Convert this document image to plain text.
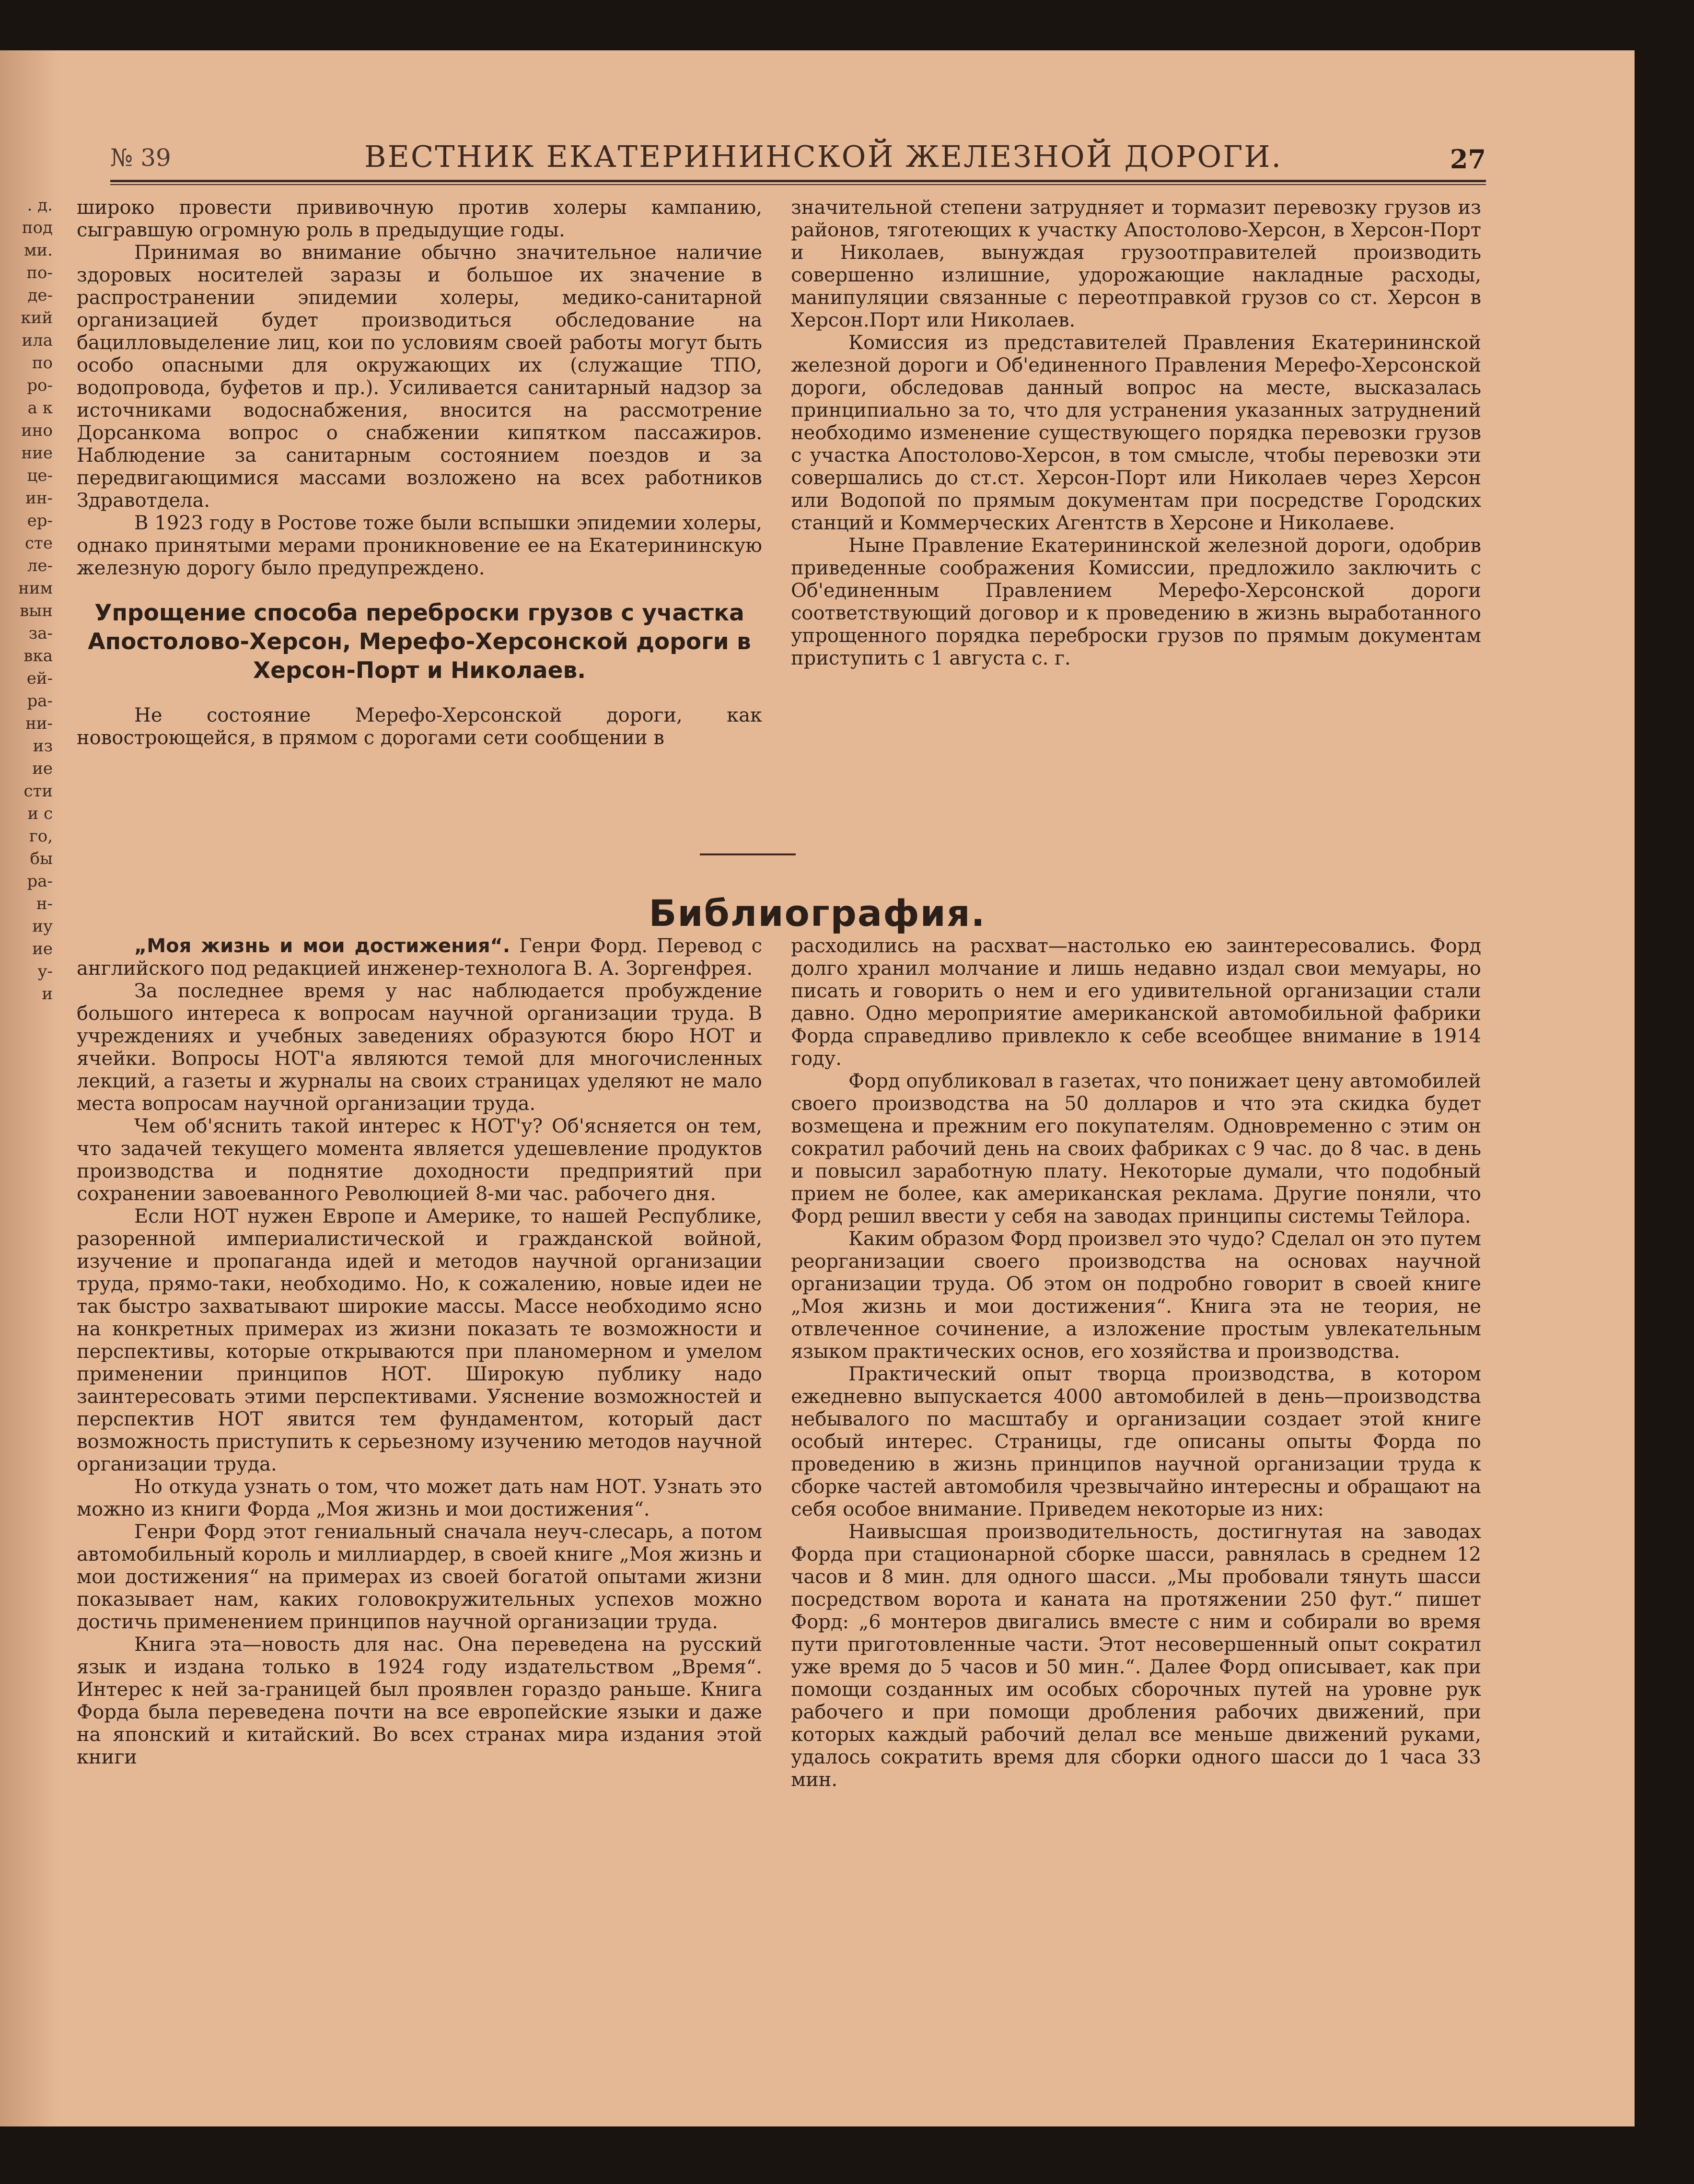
. д.
под
ми.
по-
де-
кий
ила
по
ро-
а к
ино
ние
це-
ин-
ер-
сте
ле-
ним
вын
за-
вка
ей-
ра-
ни-
из
ие
сти
и с
го,
бы
ра-
н-
иу
ие
у-
и
№ 39	ВЕСТНИК ЕКАТЕРИНИНСКОЙ ЖЕЛЕЗНОЙ ДОРОГИ.	27

широко провести прививочную против холеры кампанию, сыгравшую огромную роль в предыдущие годы.

Принимая во внимание обычно значительное наличие здоровых носителей заразы и большое их значение в распространении эпидемии холеры, медико-санитарной организацией будет производиться обследование на бацилловыделение лиц, кои по условиям своей работы могут быть особо опасными для окружающих их (служащие ТПО, водопровода, буфетов и пр.). Усиливается санитарный надзор за источниками водоснабжения, вносится на рассмотрение Дорсанкома вопрос о снабжении кипятком пассажиров. Наблюдение за санитарным состоянием поездов и за передвигающимися массами возложено на всех работников Здравотдела.

В 1923 году в Ростове тоже были вспышки эпидемии холеры, однако принятыми мерами проникновение ее на Екатерининскую железную дорогу было предупреждено.

Упрощение способа переброски грузов с участка Апостолово-Херсон, Мерефо-Херсонской дороги в Херсон-Порт и Николаев.

Не состояние Мерефо-Херсонской дороги, как новостроющейся, в прямом с дорогами сети сообщении в

значительной степени затрудняет и тормазит перевозку грузов из районов, тяготеющих к участку Апостолово-Херсон, в Херсон-Порт и Николаев, вынуждая грузоотправителей производить совершенно излишние, удорожающие накладные расходы, манипуляции связанные с переотправкой грузов со ст. Херсон в Херсон.Порт или Николаев.

Комиссия из представителей Правления Екатерининской железной дороги и Об'единенного Правления Мерефо-Херсонской дороги, обследовав данный вопрос на месте, высказалась принципиально за то, что для устранения указанных затруднений необходимо изменение существующего порядка перевозки грузов с участка Апостолово-Херсон, в том смысле, чтобы перевозки эти совершались до ст.ст. Херсон-Порт или Николаев через Херсон или Водопой по прямым документам при посредстве Городских станций и Коммерческих Агентств в Херсоне и Николаеве.

Ныне Правление Екатерининской железной дороги, одобрив приведенные соображения Комиссии, предложило заключить с Об'единенным Правлением Мерефо-Херсонской дороги соответствующий договор и к проведению в жизнь выработанного упрощенного порядка переброски грузов по прямым документам приступить с 1 августа с. г.

Библиография.

„Моя жизнь и мои достижения“. Генри Форд. Перевод с английского под редакцией инженер-технолога В. А. Зоргенфрея.

За последнее время у нас наблюдается пробуждение большого интереса к вопросам научной организации труда. В учреждениях и учебных заведениях образуются бюро НОТ и ячейки. Вопросы НОТ'а являются темой для многочисленных лекций, а газеты и журналы на своих страницах уделяют не мало места вопросам научной организации труда.

Чем об'яснить такой интерес к НОТ'у? Об'ясняется он тем, что задачей текущего момента является удешевление продуктов производства и поднятие доходности предприятий при сохранении завоеванного Революцией 8-ми час. рабочего дня.

Если НОТ нужен Европе и Америке, то нашей Республике, разоренной империалистической и гражданской войной, изучение и пропаганда идей и методов научной организации труда, прямо-таки, необходимо. Но, к сожалению, новые идеи не так быстро захватывают широкие массы. Массе необходимо ясно на конкретных примерах из жизни показать те возможности и перспективы, которые открываются при планомерном и умелом применении принципов НОТ. Широкую публику надо заинтересовать этими перспективами. Уяснение возможностей и перспектив НОТ явится тем фундаментом, который даст возможность приступить к серьезному изучению методов научной организации труда.

Но откуда узнать о том, что может дать нам НОТ. Узнать это можно из книги Форда „Моя жизнь и мои достижения“.

Генри Форд этот гениальный сначала неуч-слесарь, а потом автомобильный король и миллиардер, в своей книге „Моя жизнь и мои достижения“ на примерах из своей богатой опытами жизни показывает нам, каких головокружительных успехов можно достичь применением принципов научной организации труда.

Книга эта—новость для нас. Она переведена на русский язык и издана только в 1924 году издательством „Время“. Интерес к ней за-границей был проявлен гораздо раньше. Книга Форда была переведена почти на все европейские языки и даже на японский и китайский. Во всех странах мира издания этой книги

расходились на расхват—настолько ею заинтересовались. Форд долго хранил молчание и лишь недавно издал свои мемуары, но писать и говорить о нем и его удивительной организации стали давно. Одно мероприятие американской автомобильной фабрики Форда справедливо привлекло к себе всеобщее внимание в 1914 году.

Форд опубликовал в газетах, что понижает цену автомобилей своего производства на 50 долларов и что эта скидка будет возмещена и прежним его покупателям. Одновременно с этим он сократил рабочий день на своих фабриках с 9 час. до 8 час. в день и повысил заработную плату. Некоторые думали, что подобный прием не более, как американская реклама. Другие поняли, что Форд решил ввести у себя на заводах принципы системы Тейлора.

Каким образом Форд произвел это чудо? Сделал он это путем реорганизации своего производства на основах научной организации труда. Об этом он подробно говорит в своей книге „Моя жизнь и мои достижения“. Книга эта не теория, не отвлеченное сочинение, а изложение простым увлекательным языком практических основ, его хозяйства и производства.

Практический опыт творца производства, в котором ежедневно выпускается 4000 автомобилей в день—производства небывалого по масштабу и организации создает этой книге особый интерес. Страницы, где описаны опыты Форда по проведению в жизнь принципов научной организации труда к сборке частей автомобиля чрезвычайно интересны и обращают на себя особое внимание. Приведем некоторые из них:

Наивысшая производительность, достигнутая на заводах Форда при стационарной сборке шасси, равнялась в среднем 12 часов и 8 мин. для одного шасси. „Мы пробовали тянуть шасси посредством ворота и каната на протяжении 250 фут.“ пишет Форд: „6 монтеров двигались вместе с ним и собирали во время пути приготовленные части. Этот несовершенный опыт сократил уже время до 5 часов и 50 мин.“. Далее Форд описывает, как при помощи созданных им особых сборочных путей на уровне рук рабочего и при помощи дробления рабочих движений, при которых каждый рабочий делал все меньше движений руками, удалось сократить время для сборки одного шасси до 1 часа 33 мин.
